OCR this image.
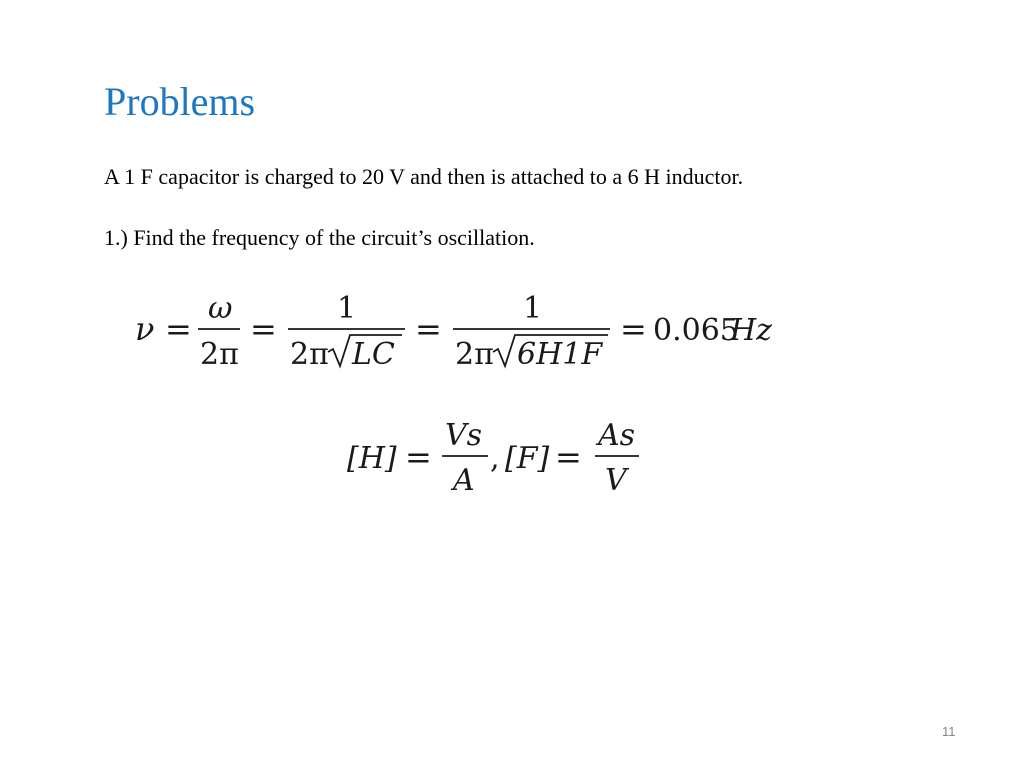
Problems
A 1 F capacitor is charged to 20 V and then is attached to a 6 H inductor.
1.) Find the frequency of the circuit’s oscillation.
ν =
ω
2π
=
1
2π LC
=
1
2π 6H1F
= 0.065
Hz
[H] =
Vs
A
, [F] =
As
V
11
